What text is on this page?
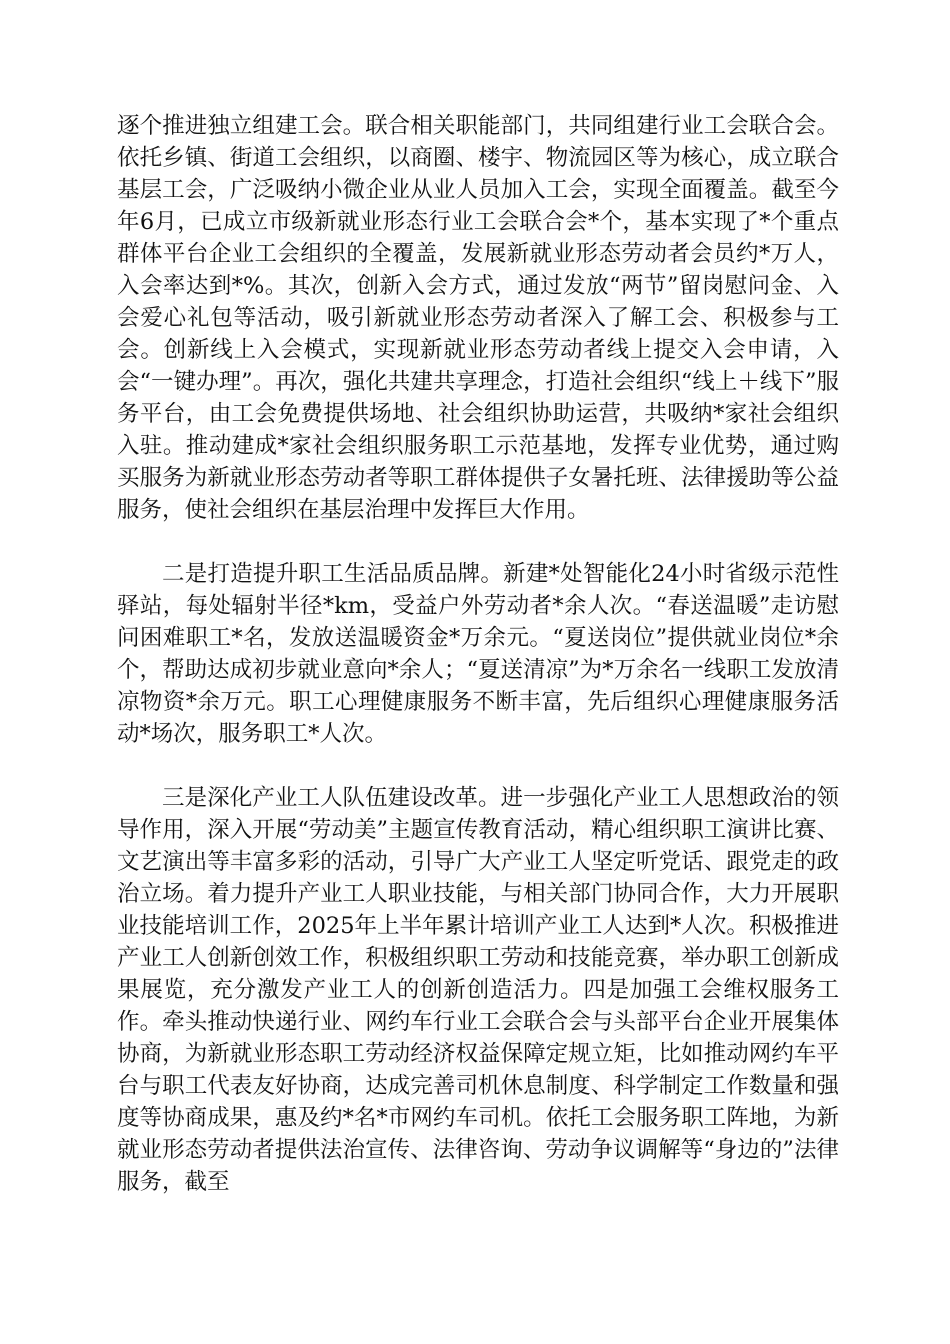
逐个推进独立组建工会。联合相关职能部门，共同组建行业工会联合会。依托乡镇、街道工会组织，以商圈、楼宇、物流园区等为核心，成立联合基层工会，广泛吸纳小微企业从业人员加入工会，实现全面覆盖。截至今年6月，已成立市级新就业形态行业工会联合会*个，基本实现了*个重点群体平台企业工会组织的全覆盖，发展新就业形态劳动者会员约*万人，入会率达到*%。其次，创新入会方式，通过发放“两节”留岗慰问金、入会爱心礼包等活动，吸引新就业形态劳动者深入了解工会、积极参与工会。创新线上入会模式，实现新就业形态劳动者线上提交入会申请，入会“一键办理”。再次，强化共建共享理念，打造社会组织“线上＋线下”服务平台，由工会免费提供场地、社会组织协助运营，共吸纳*家社会组织入驻。推动建成*家社会组织服务职工示范基地，发挥专业优势，通过购买服务为新就业形态劳动者等职工群体提供子女暑托班、法律援助等公益服务，使社会组织在基层治理中发挥巨大作用。

二是打造提升职工生活品质品牌。新建*处智能化24小时省级示范性驿站，每处辐射半径*km，受益户外劳动者*余人次。“春送温暖”走访慰问困难职工*名，发放送温暖资金*万余元。“夏送岗位”提供就业岗位*余个，帮助达成初步就业意向*余人；“夏送清凉”为*万余名一线职工发放清凉物资*余万元。职工心理健康服务不断丰富，先后组织心理健康服务活动*场次，服务职工*人次。

三是深化产业工人队伍建设改革。进一步强化产业工人思想政治的领导作用，深入开展“劳动美”主题宣传教育活动，精心组织职工演讲比赛、文艺演出等丰富多彩的活动，引导广大产业工人坚定听党话、跟党走的政治立场。着力提升产业工人职业技能，与相关部门协同合作，大力开展职业技能培训工作，2025年上半年累计培训产业工人达到*人次。积极推进产业工人创新创效工作，积极组织职工劳动和技能竞赛，举办职工创新成果展览，充分激发产业工人的创新创造活力。四是加强工会维权服务工作。牵头推动快递行业、网约车行业工会联合会与头部平台企业开展集体协商，为新就业形态职工劳动经济权益保障定规立矩，比如推动网约车平台与职工代表友好协商，达成完善司机休息制度、科学制定工作数量和强度等协商成果，惠及约*名*市网约车司机。依托工会服务职工阵地，为新就业形态劳动者提供法治宣传、法律咨询、劳动争议调解等“身边的”法律服务，截至
